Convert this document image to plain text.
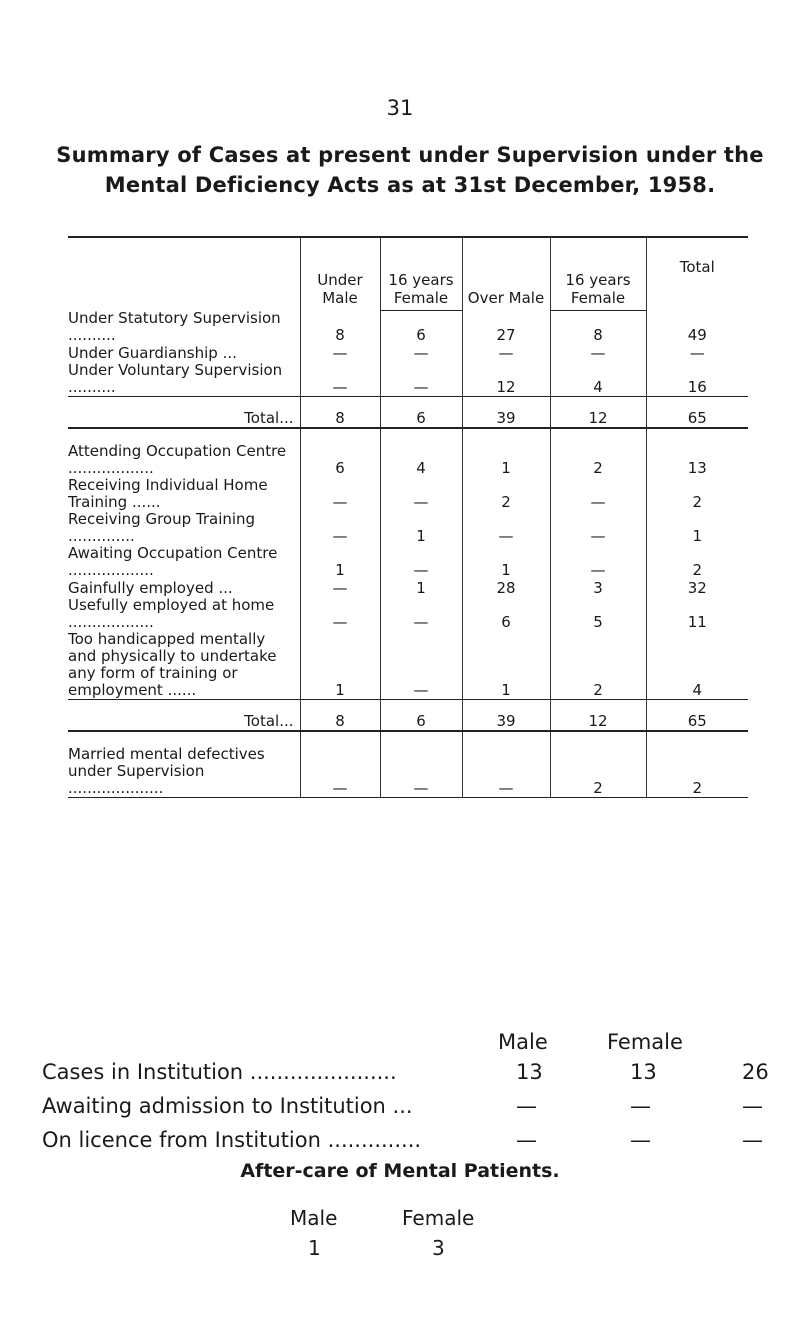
31
Summary of Cases at present under Supervision under the
Mental Deficiency Acts as at 31st December, 1958.

	Under Male	16 years Female	Over Male	16 years Female	Total
Under Statutory Supervision ..........	8	6	27	8	49
Under Guardianship ...	—	—	—	—	—
Under Voluntary Supervision ..........	—	—	12	4	16
Total...	8	6	39	12	65

Attending Occupation Centre ..................	6	4	1	2	13
Receiving Individual Home Training ......	—	—	2	—	2
Receiving Group Training ..............	—	1	—	—	1
Awaiting Occupation Centre ..................	1	—	1	—	2
Gainfully employed ...	—	1	28	3	32
Usefully employed at home ..................	—	—	6	5	11
Too handicapped mentally and physically to undertake any form of training or employment ......	1	—	1	2	4
Total...	8	6	39	12	65

Married mental defectives under Supervision ....................	—	—	—	2	2
Male	Female
Cases in Institution ......................	13	13	26
Awaiting admission to Institution ...	—	—	—
On licence from Institution ..............	—	—	—
After-care of Mental Patients.
Male	Female
1	3
